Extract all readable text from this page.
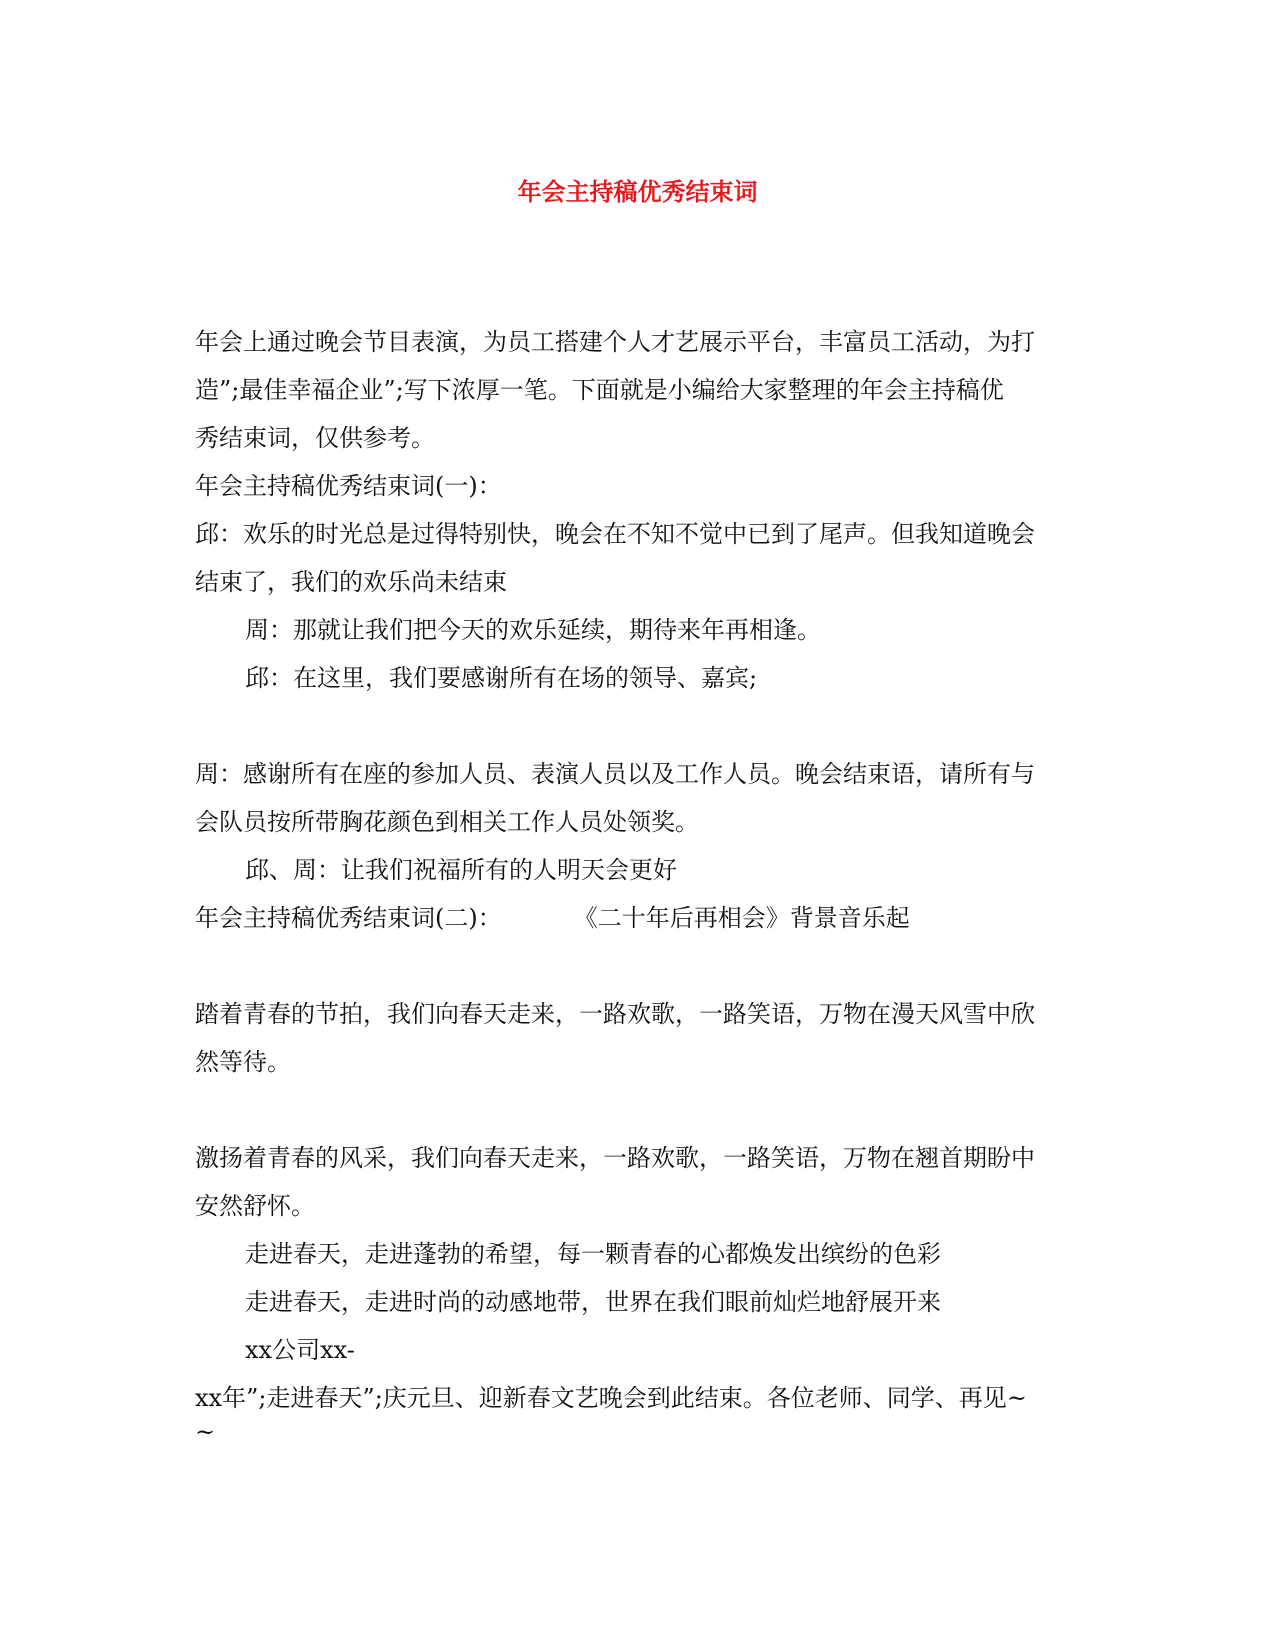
年会主持稿优秀结束词
年会上通过晚会节目表演，为员工搭建个人才艺展示平台，丰富员工活动，为打
造”;最佳幸福企业”;写下浓厚一笔。下面就是小编给大家整理的年会主持稿优
秀结束词，仅供参考。
年会主持稿优秀结束词(一)：
邱：欢乐的时光总是过得特别快，晚会在不知不觉中已到了尾声。但我知道晚会
结束了，我们的欢乐尚未结束
周：那就让我们把今天的欢乐延续，期待来年再相逢。
邱：在这里，我们要感谢所有在场的领导、嘉宾;
周：感谢所有在座的参加人员、表演人员以及工作人员。晚会结束语，请所有与
会队员按所带胸花颜色到相关工作人员处领奖。
邱、周：让我们祝福所有的人明天会更好
年会主持稿优秀结束词(二)：	《二十年后再相会》背景音乐起
踏着青春的节拍，我们向春天走来，一路欢歌，一路笑语，万物在漫天风雪中欣
然等待。
激扬着青春的风采，我们向春天走来，一路欢歌，一路笑语，万物在翘首期盼中
安然舒怀。
走进春天，走进蓬勃的希望，每一颗青春的心都焕发出缤纷的色彩
走进春天，走进时尚的动感地带，世界在我们眼前灿烂地舒展开来
xx公司xx-
xx年”;走进春天”;庆元旦、迎新春文艺晚会到此结束。各位老师、同学、再见~
~
